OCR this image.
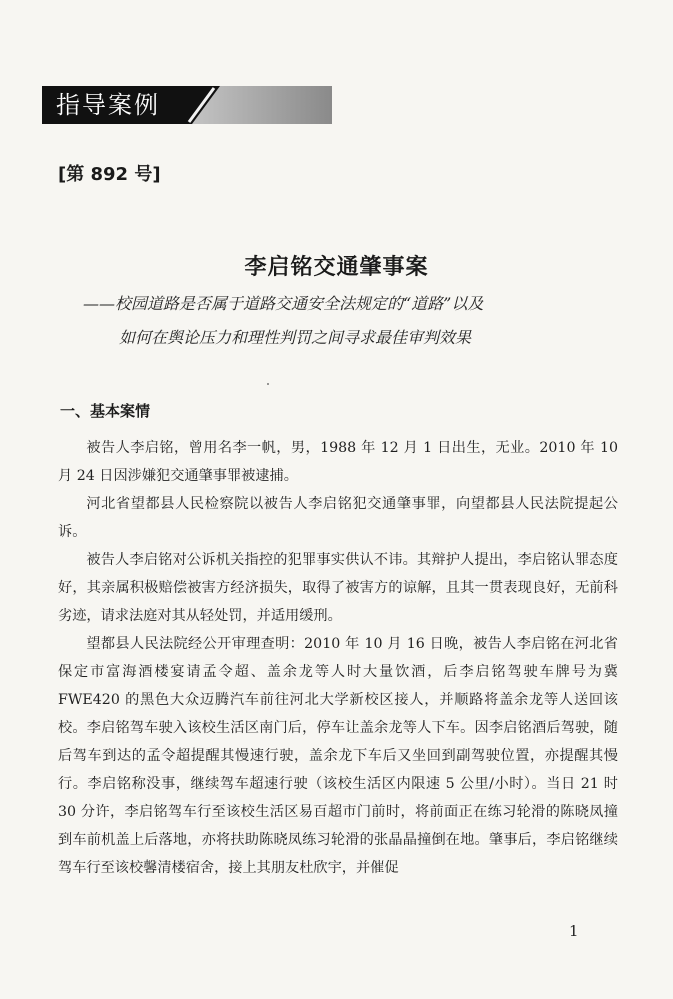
指导案例
[第 892 号]
李启铭交通肇事案
——校园道路是否属于道路交通安全法规定的“道路”以及
如何在舆论压力和理性判罚之间寻求最佳审判效果
一、基本案情

被告人李启铭，曾用名李一帆，男，1988 年 12 月 1 日出生，无业。2010 年 10 月 24 日因涉嫌犯交通肇事罪被逮捕。

河北省望都县人民检察院以被告人李启铭犯交通肇事罪，向望都县人民法院提起公诉。

被告人李启铭对公诉机关指控的犯罪事实供认不讳。其辩护人提出，李启铭认罪态度好，其亲属积极赔偿被害方经济损失，取得了被害方的谅解，且其一贯表现良好，无前科劣迹，请求法庭对其从轻处罚，并适用缓刑。

望都县人民法院经公开审理查明：2010 年 10 月 16 日晚，被告人李启铭在河北省保定市富海酒楼宴请孟令超、盖余龙等人时大量饮酒，后李启铭驾驶车牌号为冀 FWE420 的黑色大众迈腾汽车前往河北大学新校区接人，并顺路将盖余龙等人送回该校。李启铭驾车驶入该校生活区南门后，停车让盖余龙等人下车。因李启铭酒后驾驶，随后驾车到达的孟令超提醒其慢速行驶，盖余龙下车后又坐回到副驾驶位置，亦提醒其慢行。李启铭称没事，继续驾车超速行驶（该校生活区内限速 5 公里/小时）。当日 21 时 30 分许，李启铭驾车行至该校生活区易百超市门前时，将前面正在练习轮滑的陈晓凤撞到车前机盖上后落地，亦将扶助陈晓凤练习轮滑的张晶晶撞倒在地。肇事后，李启铭继续驾车行至该校馨清楼宿舍，接上其朋友杜欣宇，并催促

1
